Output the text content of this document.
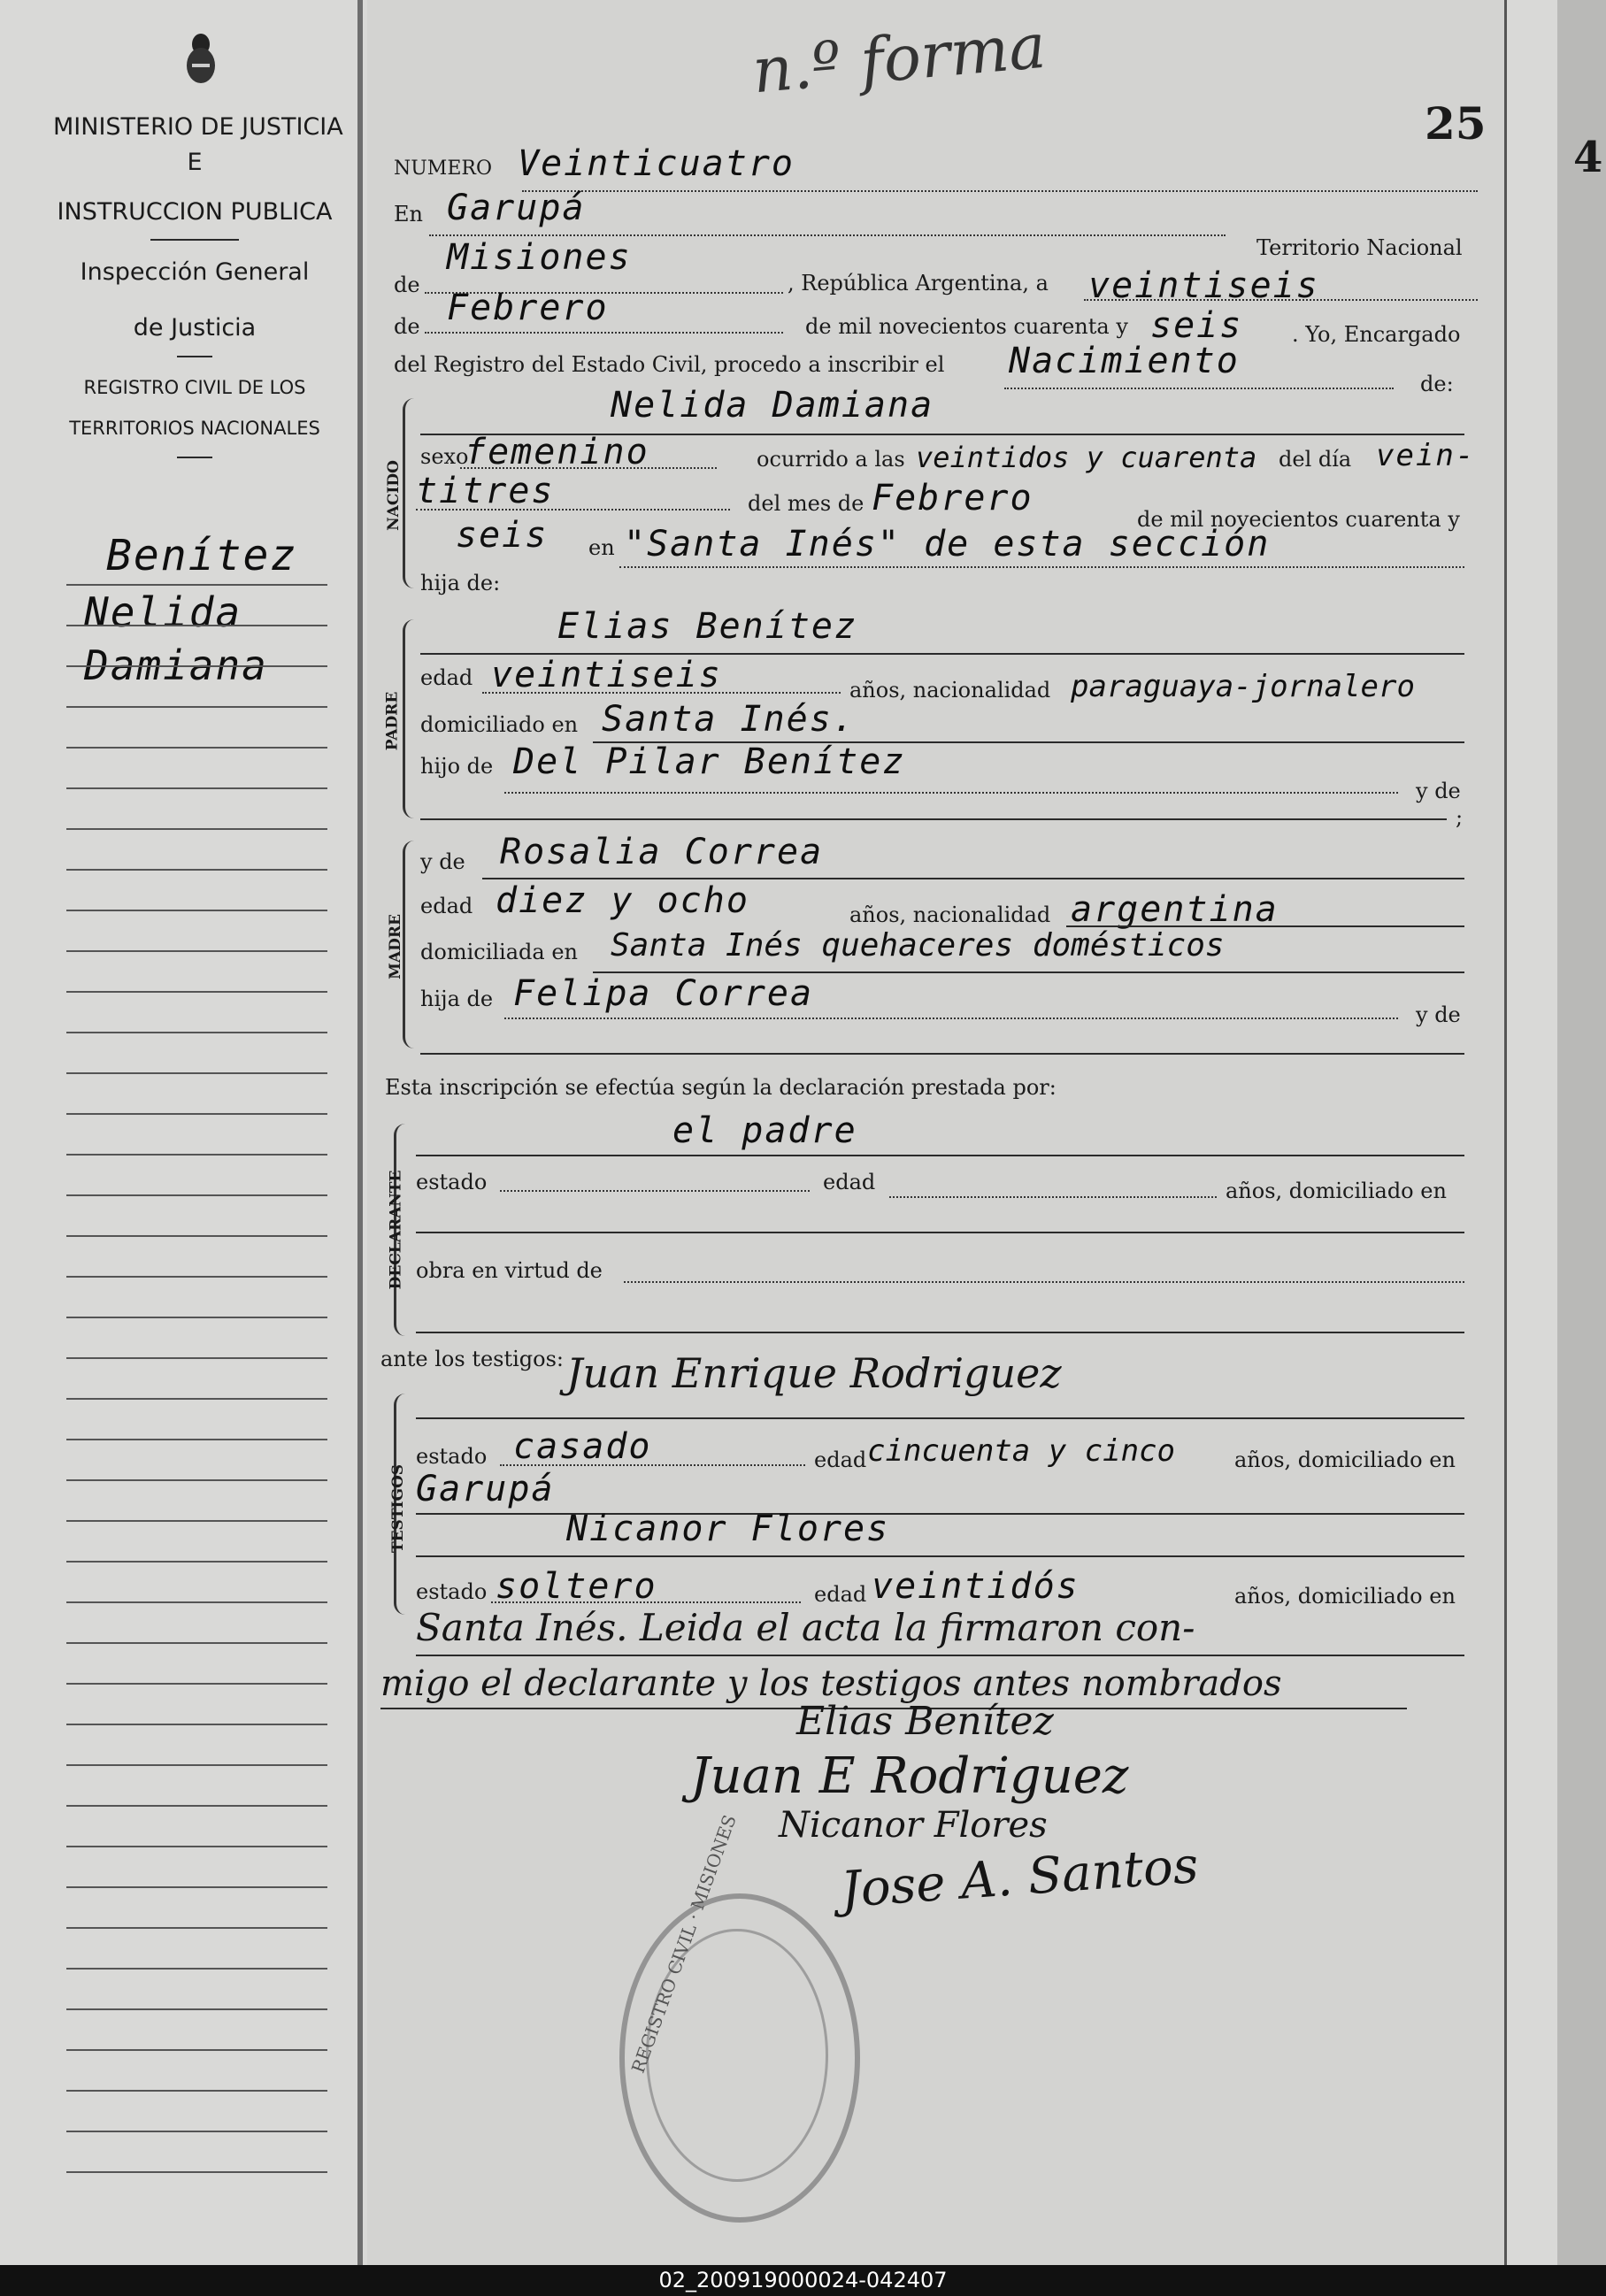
4
MINISTERIO DE JUSTICIA
E
INSTRUCCION PUBLICA
Inspección General
de Justicia
REGISTRO CIVIL DE LOS
TERRITORIOS NACIONALES
Benítez
Nelida
Damiana
n.º forma
25
NUMERO Veinticuatro
En Garupá
Territorio Nacional
de
Misiones
, República Argentina, a veintiseis
de Febrero	de mil novecientos cuarenta y seis . Yo, Encargado
del Registro del Estado Civil, procedo a inscribir el Nacimiento
de:
NACIDO
Nelida Damiana
sexo
femenino	ocurrido a las veintidos y cuarenta del día vein-
titres	del mes de Febrero
de mil novecientos cuarenta y
seis en "Santa Inés" de esta sección
hija de:
PADRE
Elias Benítez
edad veintiseis	años, nacionalidad paraguaya-jornalero
domiciliado en Santa Inés.
hijo de Del Pilar Benítez
y de
;
MADRE
y de Rosalia Correa
edad diez y ocho	años, nacionalidad argentina
domiciliada en Santa Inés quehaceres domésticos
hija de Felipa Correa
y de
Esta inscripción se efectúa según la declaración prestada por:
DECLARANTE
el padre
estado	edad	años, domiciliado en
obra en virtud de
ante los testigos:
TESTIGOS
Juan Enrique Rodriguez
estado casado	edad cincuenta y cinco	años, domiciliado en
Garupá
Nicanor Flores
estado soltero	edad veintidós	años, domiciliado en
Santa Inés. Leida el acta la firmaron con-
migo el declarante y los testigos antes nombrados
REGISTRO CIVIL · MISIONES
Elias Benítez
Juan E Rodriguez
Nicanor Flores
Jose A. Santos
02_200919000024-042407
